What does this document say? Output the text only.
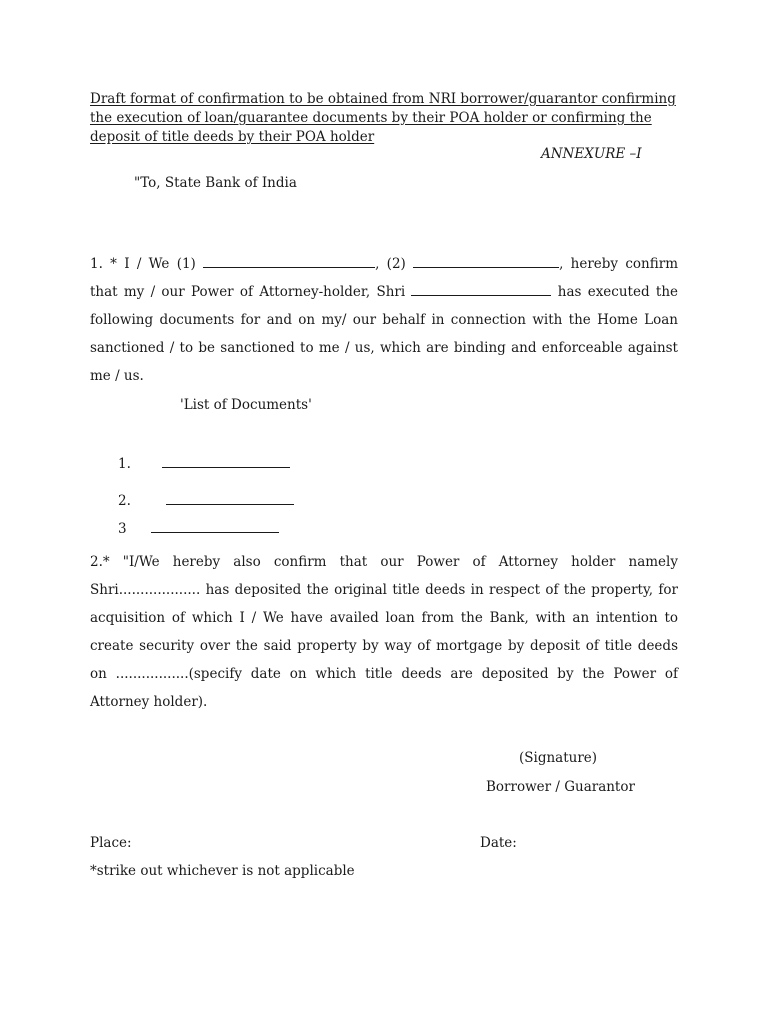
Draft format of confirmation to be obtained from NRI borrower/guarantor confirming the execution of loan/guarantee documents by their POA holder or confirming the deposit of title deeds by their POA holder
ANNEXURE –I
"To, State Bank of India
1. * I / We (1)	, (2)	, hereby confirm that my / our Power of Attorney-holder, Shri	has executed the following documents for and on my/ our behalf in connection with the Home Loan sanctioned / to be sanctioned to me / us, which are binding and enforceable against me / us.
'List of Documents'
1.
2.
3
2.* "I/We hereby also confirm that our Power of Attorney holder namely Shri................... has deposited the original title deeds in respect of the property, for acquisition of which I / We have availed loan from the Bank, with an intention to create security over the said property by way of mortgage by deposit of title deeds on .................(specify date on which title deeds are deposited by the Power of Attorney holder).
(Signature)
Borrower / Guarantor
Place:	Date:
*strike out whichever is not applicable
